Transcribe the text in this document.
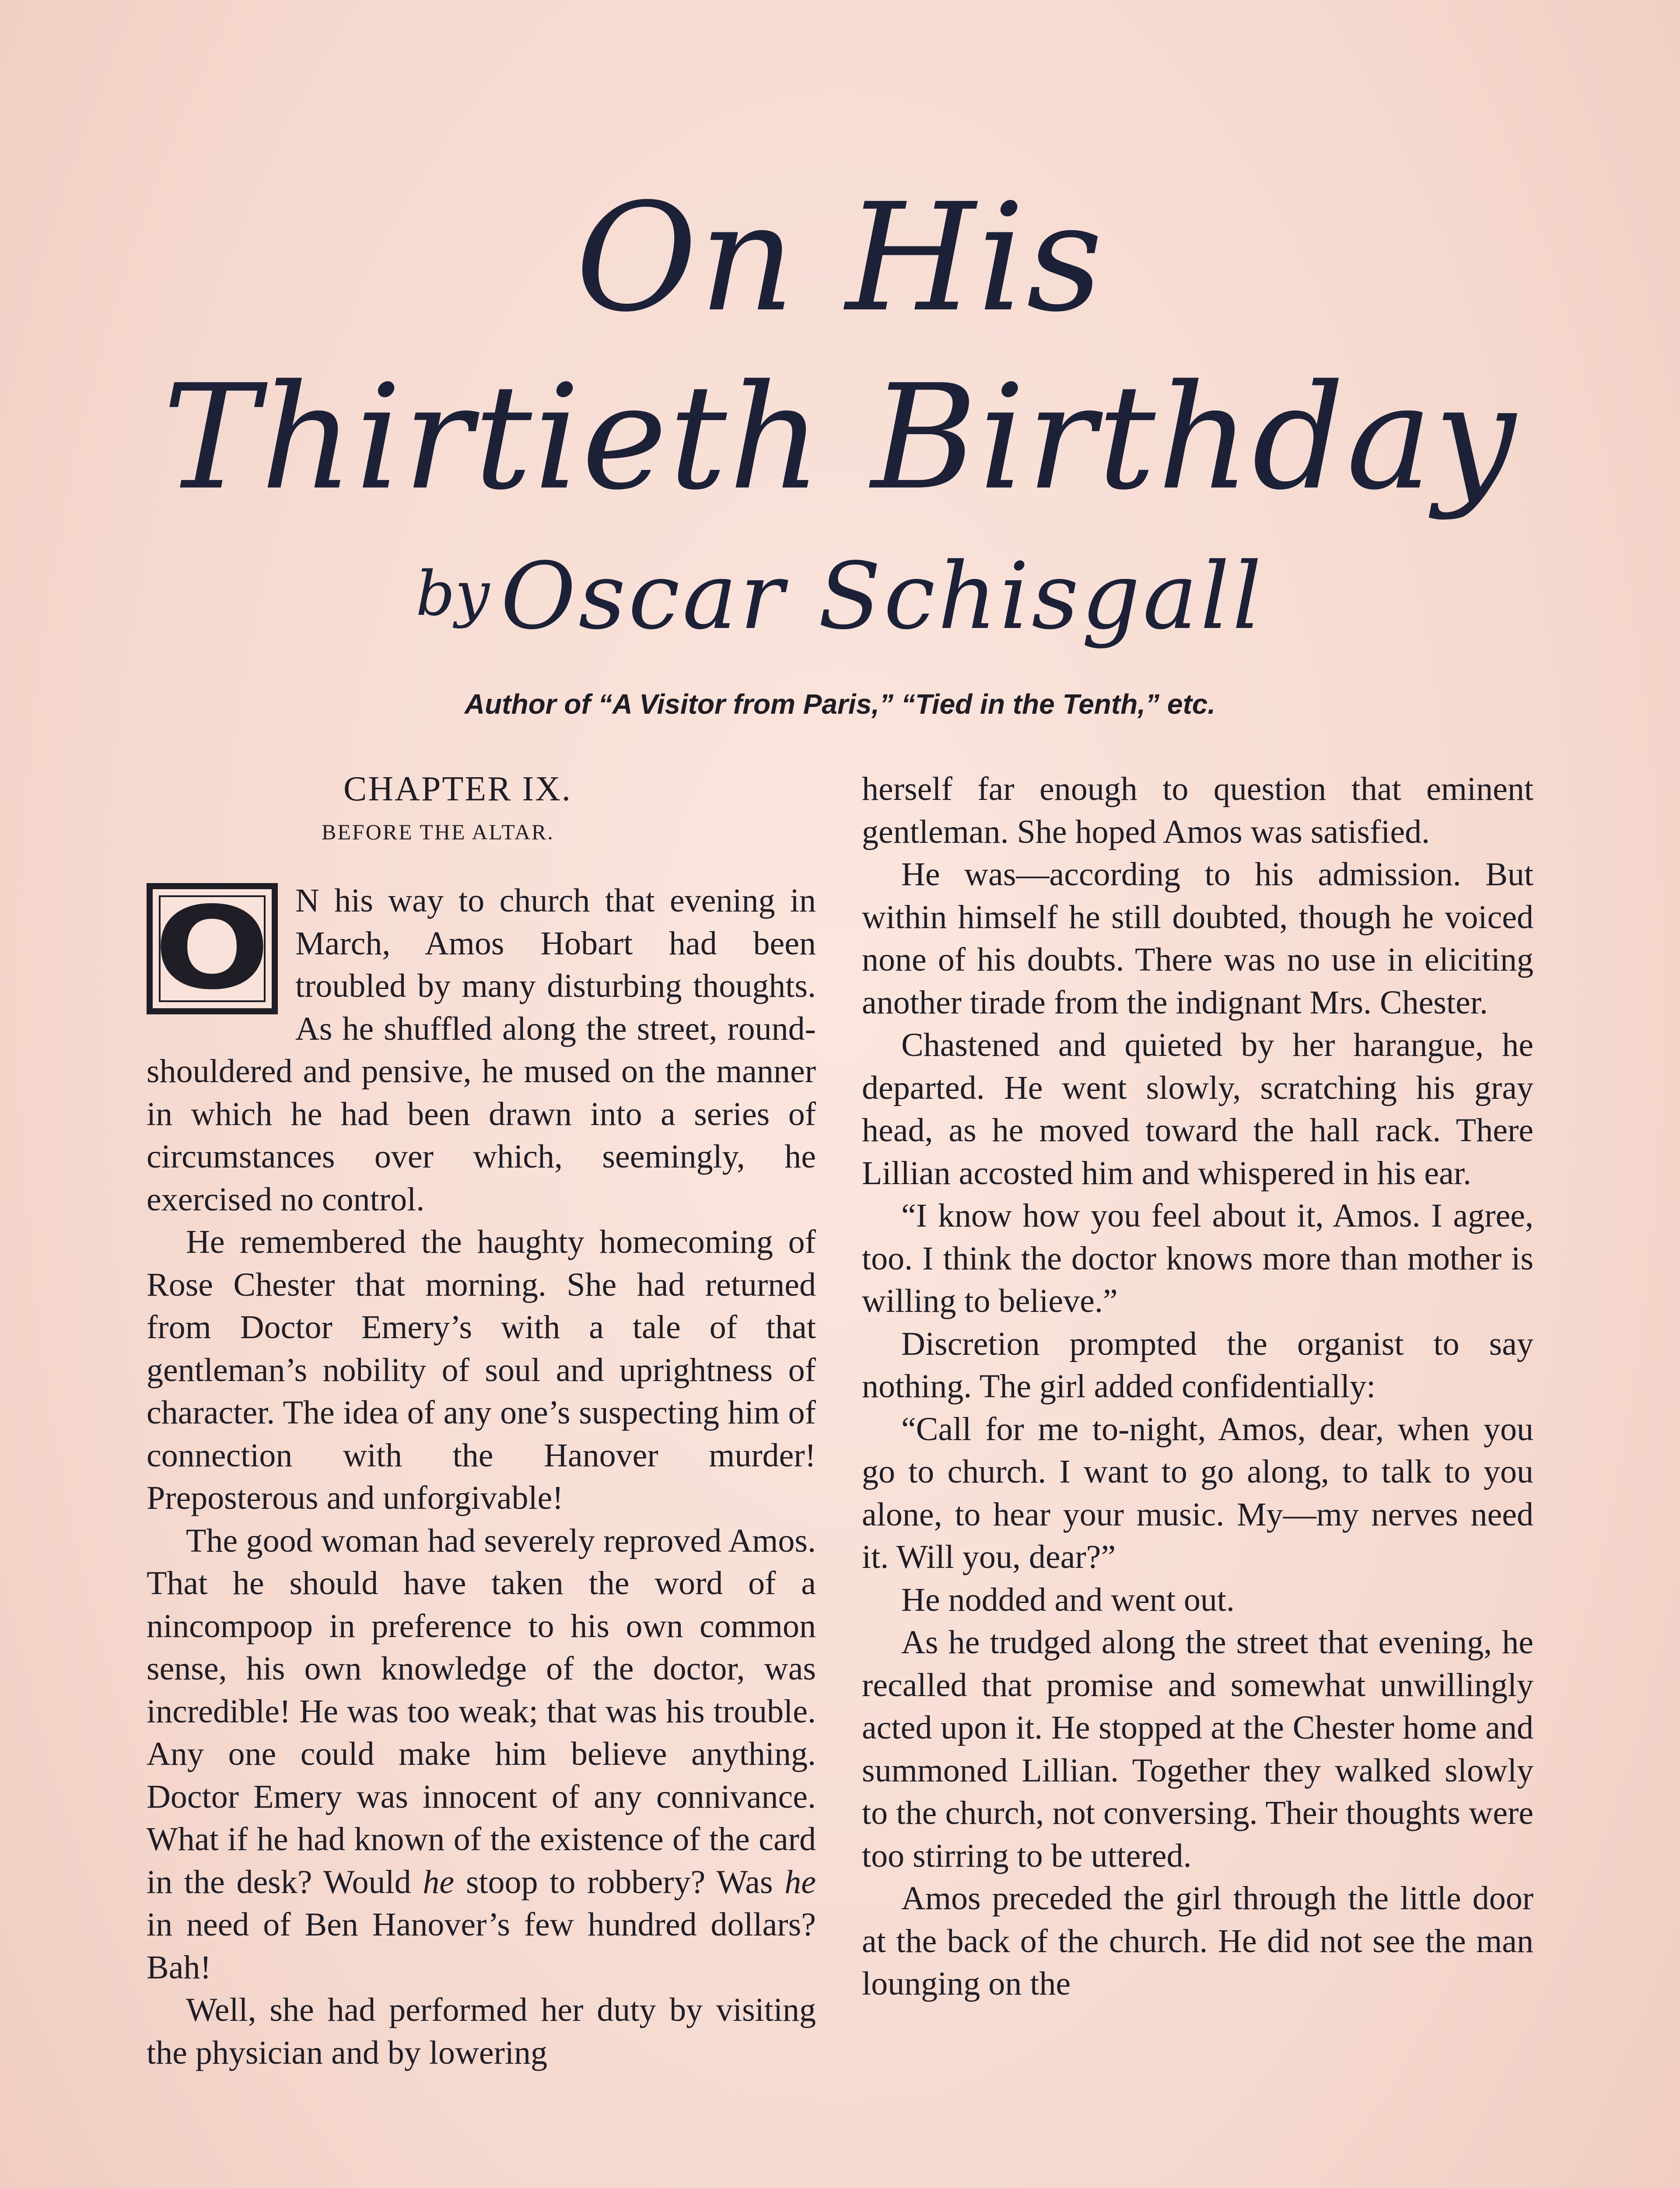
On His
Thirtieth Birthday
by Oscar Schisgall
Author of “A Visitor from Paris,” “Tied in the Tenth,” etc.
CHAPTER IX.
BEFORE THE ALTAR.

O N his way to church that evening in March, Amos Hobart had been troubled by many disturbing thoughts. As he shuffled along the street, round-shouldered and pensive, he mused on the manner in which he had been drawn into a series of circumstances over which, seemingly, he exercised no control.

He remembered the haughty homecoming of Rose Chester that morning. She had returned from Doctor Emery’s with a tale of that gentleman’s nobility of soul and uprightness of character. The idea of any one’s suspecting him of connection with the Hanover murder! Preposterous and unforgivable!

The good woman had severely reproved Amos. That he should have taken the word of a nincompoop in preference to his own common sense, his own knowledge of the doctor, was incredible! He was too weak; that was his trouble. Any one could make him believe anything. Doctor Emery was innocent of any connivance. What if he had known of the existence of the card in the desk? Would he stoop to robbery? Was he in need of Ben Hanover’s few hundred dollars? Bah!

Well, she had performed her duty by visiting the physician and by lowering

herself far enough to question that eminent gentleman. She hoped Amos was satisfied.

He was—according to his admission. But within himself he still doubted, though he voiced none of his doubts. There was no use in eliciting another tirade from the indignant Mrs. Chester.

Chastened and quieted by her harangue, he departed. He went slowly, scratching his gray head, as he moved toward the hall rack. There Lillian accosted him and whispered in his ear.

“I know how you feel about it, Amos. I agree, too. I think the doctor knows more than mother is willing to believe.”

Discretion prompted the organist to say nothing. The girl added confidentially:

“Call for me to-night, Amos, dear, when you go to church. I want to go along, to talk to you alone, to hear your music. My—my nerves need it. Will you, dear?”

He nodded and went out.

As he trudged along the street that evening, he recalled that promise and somewhat unwillingly acted upon it. He stopped at the Chester home and summoned Lillian. Together they walked slowly to the church, not conversing. Their thoughts were too stirring to be uttered.

Amos preceded the girl through the little door at the back of the church. He did not see the man lounging on the
